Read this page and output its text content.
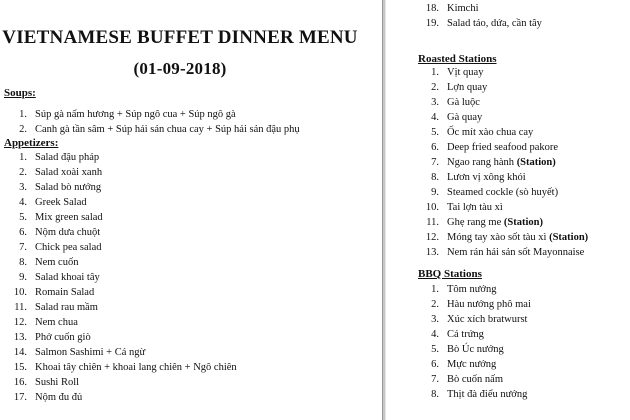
VIETNAMESE BUFFET DINNER MENU
(01-09-2018)
Soups:
1. Súp gà nấm hương + Súp ngô cua + Súp ngô gà
2. Canh gà tần sâm + Súp hải sản chua cay + Súp hải sản đậu phụ
Appetizers:
1. Salad đậu pháp
2. Salad xoài xanh
3. Salad bò nướng
4. Greek Salad
5. Mix green salad
6. Nộm dưa chuột
7. Chick pea salad
8. Nem cuốn
9. Salad khoai tây
10. Romain Salad
11. Salad rau mầm
12. Nem chua
13. Phở cuốn giò
14. Salmon Sashimi + Cá ngừ
15. Khoai tây chiên + khoai lang chiên + Ngô chiên
16. Sushi Roll
17. Nộm đu đủ
18. Kimchi
19. Salad táo, dứa, cần tây
Roasted Stations
1. Vịt quay
2. Lợn quay
3. Gà luộc
4. Gà quay
5. Ốc mít xào chua cay
6. Deep fried seafood pakore
7. Ngao rang hành (Station)
8. Lươn vị xông khói
9. Steamed cockle (sò huyết)
10. Tai lợn tàu xì
11. Ghẹ rang me (Station)
12. Móng tay xào sốt tàu xì (Station)
13. Nem rán hải sản sốt Mayonnaise
BBQ Stations
1. Tôm nướng
2. Hàu nướng phô mai
3. Xúc xích bratwurst
4. Cá trứng
5. Bò Úc nướng
6. Mực nướng
7. Bò cuốn nấm
8. Thịt đà điểu nướng
